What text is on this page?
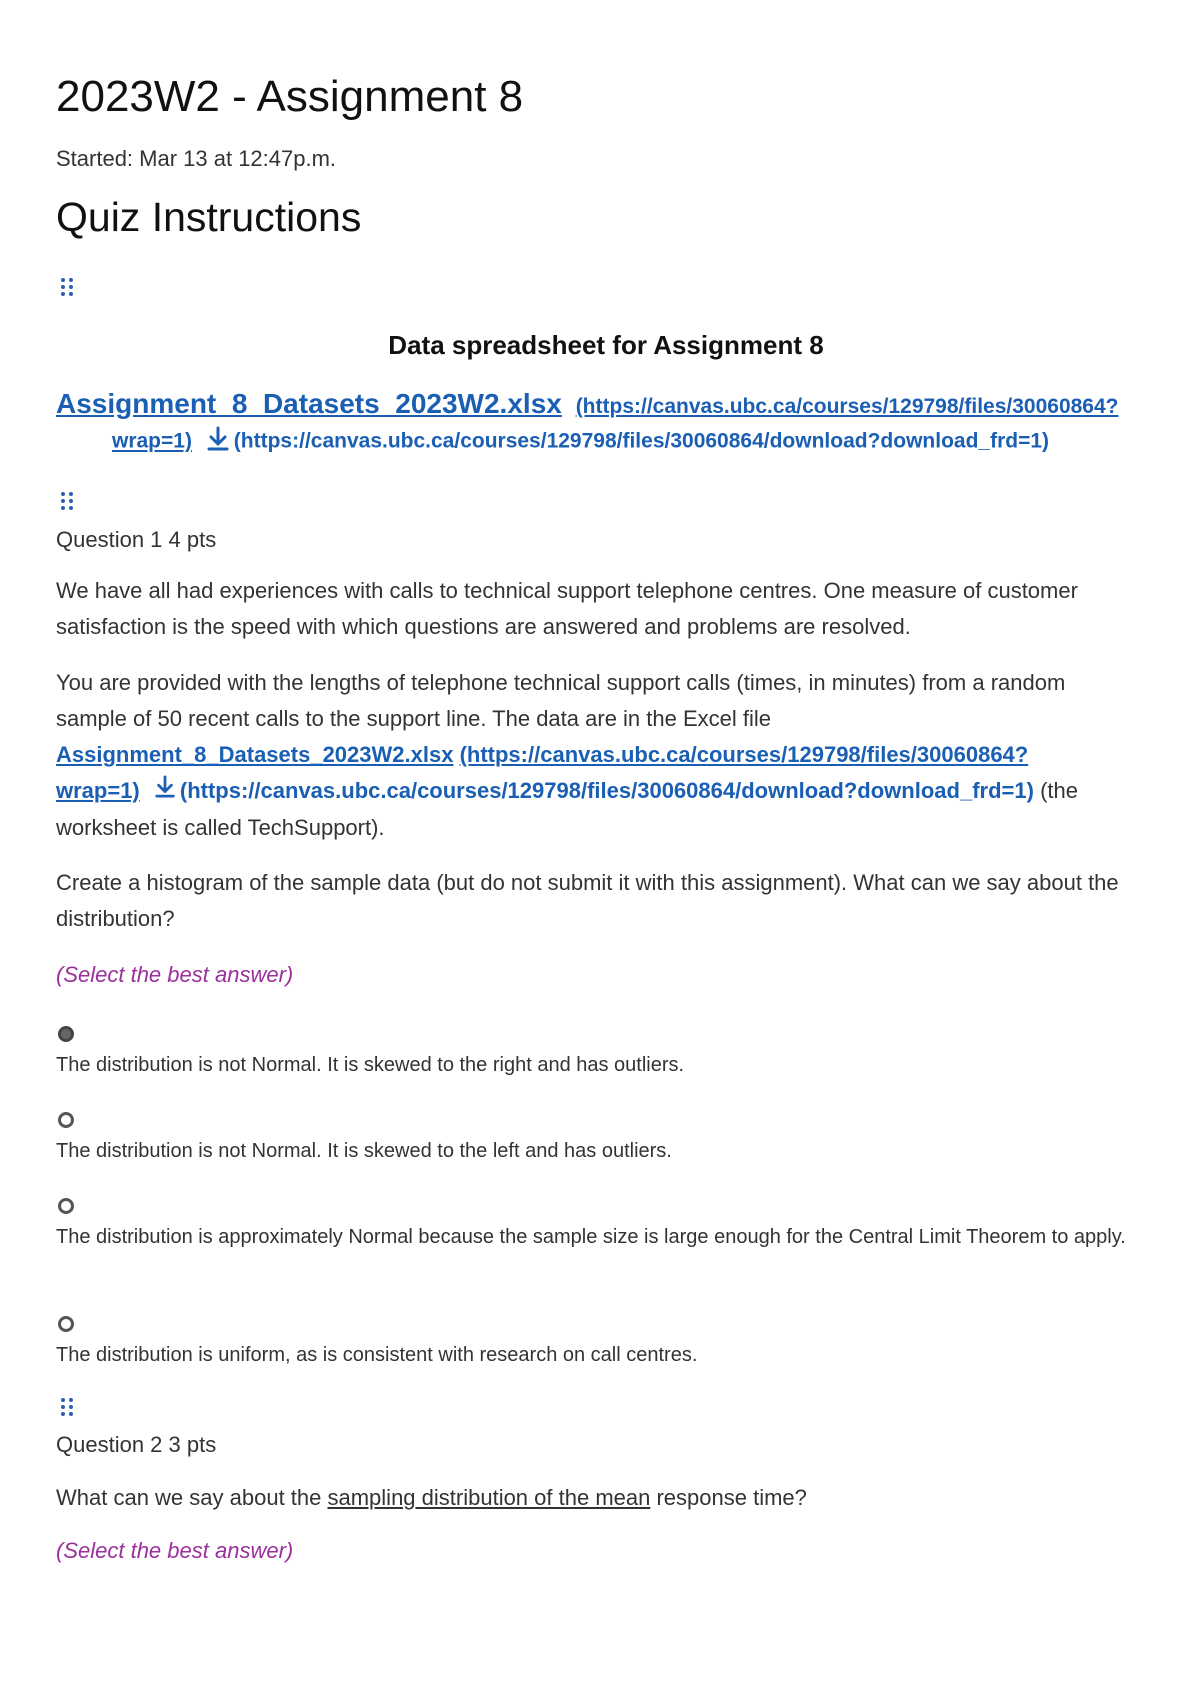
2023W2 - Assignment 8
Started: Mar 13 at 12:47p.m.
Quiz Instructions
Data spreadsheet for Assignment 8
Assignment_8_Datasets_2023W2.xlsx (https://canvas.ubc.ca/courses/129798/files/30060864?
wrap=1) (https://canvas.ubc.ca/courses/129798/files/30060864/download?download_frd=1)
Question 1 4 pts

We have all had experiences with calls to technical support telephone centres. One measure of customer satisfaction is the speed with which questions are answered and problems are resolved.

You are provided with the lengths of telephone technical support calls (times, in minutes) from a random sample of 50 recent calls to the support line. The data are in the Excel file
Assignment_8_Datasets_2023W2.xlsx (https://canvas.ubc.ca/courses/129798/files/30060864?
wrap=1) (https://canvas.ubc.ca/courses/129798/files/30060864/download?download_frd=1) (the worksheet is called TechSupport).

Create a histogram of the sample data (but do not submit it with this assignment). What can we say about the distribution?

(Select the best answer)
The distribution is not Normal. It is skewed to the right and has outliers.
The distribution is not Normal. It is skewed to the left and has outliers.
The distribution is approximately Normal because the sample size is large enough for the Central Limit Theorem to apply.
The distribution is uniform, as is consistent with research on call centres.
Question 2 3 pts

What can we say about the sampling distribution of the mean response time?

(Select the best answer)
